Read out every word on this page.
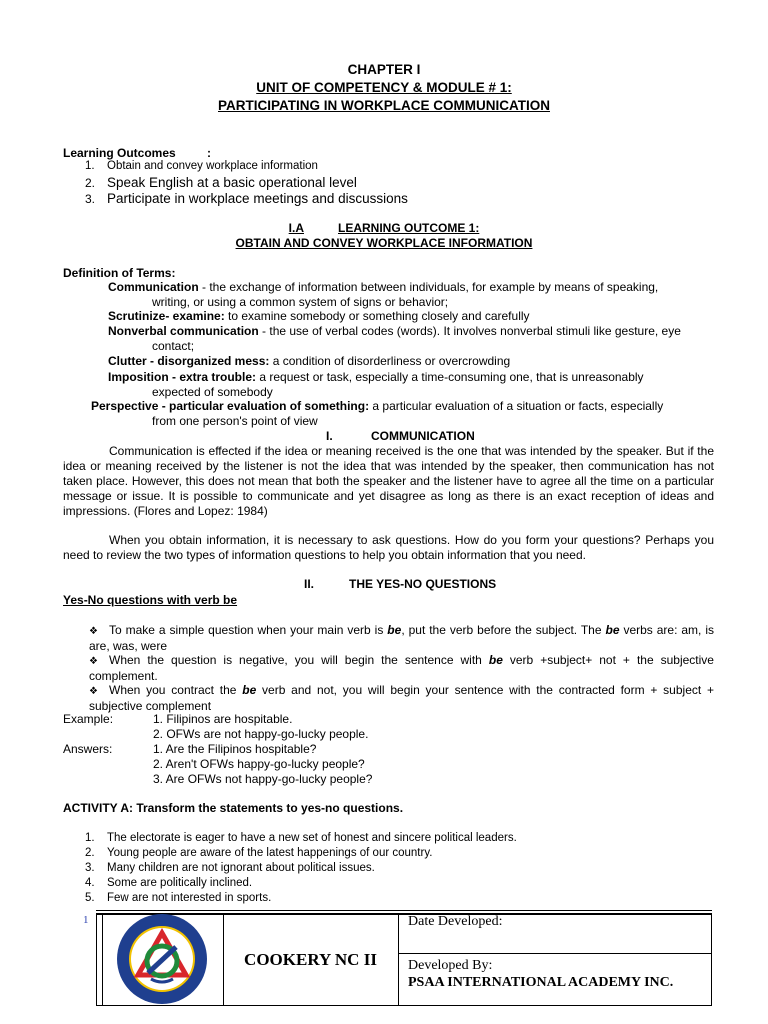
CHAPTER I
UNIT OF COMPETENCY & MODULE # 1:
PARTICIPATING IN WORKPLACE COMMUNICATION
Learning Outcomes	:
1. Obtain and convey workplace information
2. Speak English at a basic operational level
3. Participate in workplace meetings and discussions
I.A	LEARNING OUTCOME 1:
OBTAIN AND CONVEY WORKPLACE INFORMATION
Definition of Terms:
Communication - the exchange of information between individuals, for example by means of speaking,
writing, or using a common system of signs or behavior;
Scrutinize- examine: to examine somebody or something closely and carefully
Nonverbal communication - the use of verbal codes (words). It involves nonverbal stimuli like gesture, eye
contact;
Clutter - disorganized mess: a condition of disorderliness or overcrowding
Imposition - extra trouble: a request or task, especially a time-consuming one, that is unreasonably
expected of somebody
Perspective - particular evaluation of something: a particular evaluation of a situation or facts, especially
from one person's point of view
I.	COMMUNICATION
Communication is effected if the idea or meaning received is the one that was intended by the speaker. But if the idea or meaning received by the listener is not the idea that was intended by the speaker, then communication has not taken place. However, this does not mean that both the speaker and the listener have to agree all the time on a particular message or issue. It is possible to communicate and yet disagree as long as there is an exact reception of ideas and impressions. (Flores and Lopez: 1984)
When you obtain information, it is necessary to ask questions. How do you form your questions? Perhaps you need to review the two types of information questions to help you obtain information that you need.
II.	THE YES-NO QUESTIONS
Yes-No questions with verb be
❖ To make a simple question when your main verb is be, put the verb before the subject. The be verbs are: am, is are, was, were
❖ When the question is negative, you will begin the sentence with be verb +subject+ not + the subjective complement.
❖ When you contract the be verb and not, you will begin your sentence with the contracted form + subject + subjective complement
Example:	1. Filipinos are hospitable.
2. OFWs are not happy-go-lucky people.
Answers:	1. Are the Filipinos hospitable?
2. Aren't OFWs happy-go-lucky people?
3. Are OFWs not happy-go-lucky people?
ACTIVITY A: Transform the statements to yes-no questions.
1. The electorate is eager to have a new set of honest and sincere political leaders.
2. Young people are aware of the latest happenings of our country.
3. Many children are not ignorant about political issues.
4. Some are politically inclined.
5. Few are not interested in sports.
1
COOKERY NC II
Date Developed:
Developed By:
PSAA INTERNATIONAL ACADEMY INC.
